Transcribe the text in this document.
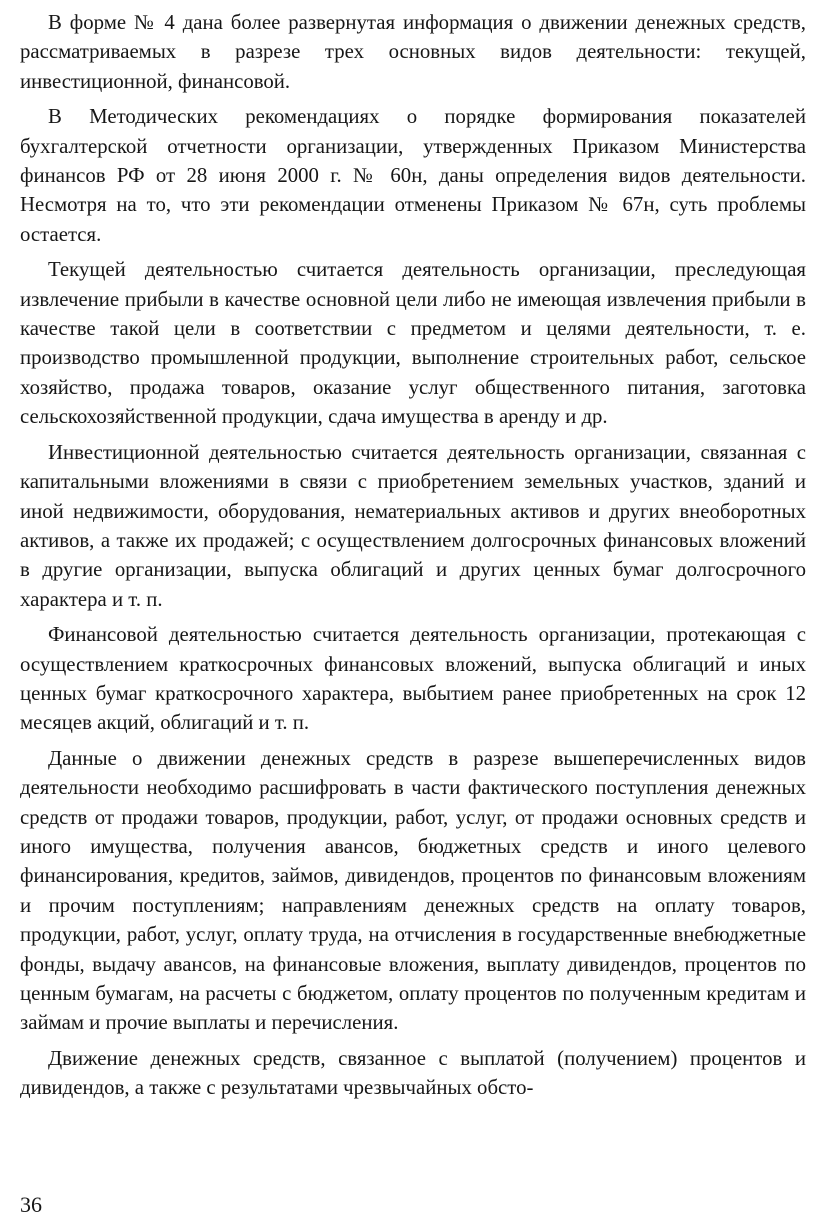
В форме № 4 дана более развернутая информация о движении денежных средств, рассматриваемых в разрезе трех основных видов деятельности: текущей, инвестиционной, финансовой.

В Методических рекомендациях о порядке формирования показателей бухгалтерской отчетности организации, утвержденных Приказом Министерства финансов РФ от 28 июня 2000 г. № 60н, даны определения видов деятельности. Несмотря на то, что эти рекомендации отменены Приказом № 67н, суть проблемы остается.

Текущей деятельностью считается деятельность организации, преследующая извлечение прибыли в качестве основной цели либо не имеющая извлечения прибыли в качестве такой цели в соответствии с предметом и целями деятельности, т. е. производство промышленной продукции, выполнение строительных работ, сельское хозяйство, продажа товаров, оказание услуг общественного питания, заготовка сельскохозяйственной продукции, сдача имущества в аренду и др.

Инвестиционной деятельностью считается деятельность организации, связанная с капитальными вложениями в связи с приобретением земельных участков, зданий и иной недвижимости, оборудования, нематериальных активов и других внеоборотных активов, а также их продажей; с осуществлением долгосрочных финансовых вложений в другие организации, выпуска облигаций и других ценных бумаг долгосрочного характера и т. п.

Финансовой деятельностью считается деятельность организации, протекающая с осуществлением краткосрочных финансовых вложений, выпуска облигаций и иных ценных бумаг краткосрочного характера, выбытием ранее приобретенных на срок 12 месяцев акций, облигаций и т. п.

Данные о движении денежных средств в разрезе вышеперечисленных видов деятельности необходимо расшифровать в части фактического поступления денежных средств от продажи товаров, продукции, работ, услуг, от продажи основных средств и иного имущества, получения авансов, бюджетных средств и иного целевого финансирования, кредитов, займов, дивидендов, процентов по финансовым вложениям и прочим поступлениям; направлениям денежных средств на оплату товаров, продукции, работ, услуг, оплату труда, на отчисления в государственные внебюджетные фонды, выдачу авансов, на финансовые вложения, выплату дивидендов, процентов по ценным бумагам, на расчеты с бюджетом, оплату процентов по полученным кредитам и займам и прочие выплаты и перечисления.

Движение денежных средств, связанное с выплатой (получением) процентов и дивидендов, а также с результатами чрезвычайных обсто-

36
